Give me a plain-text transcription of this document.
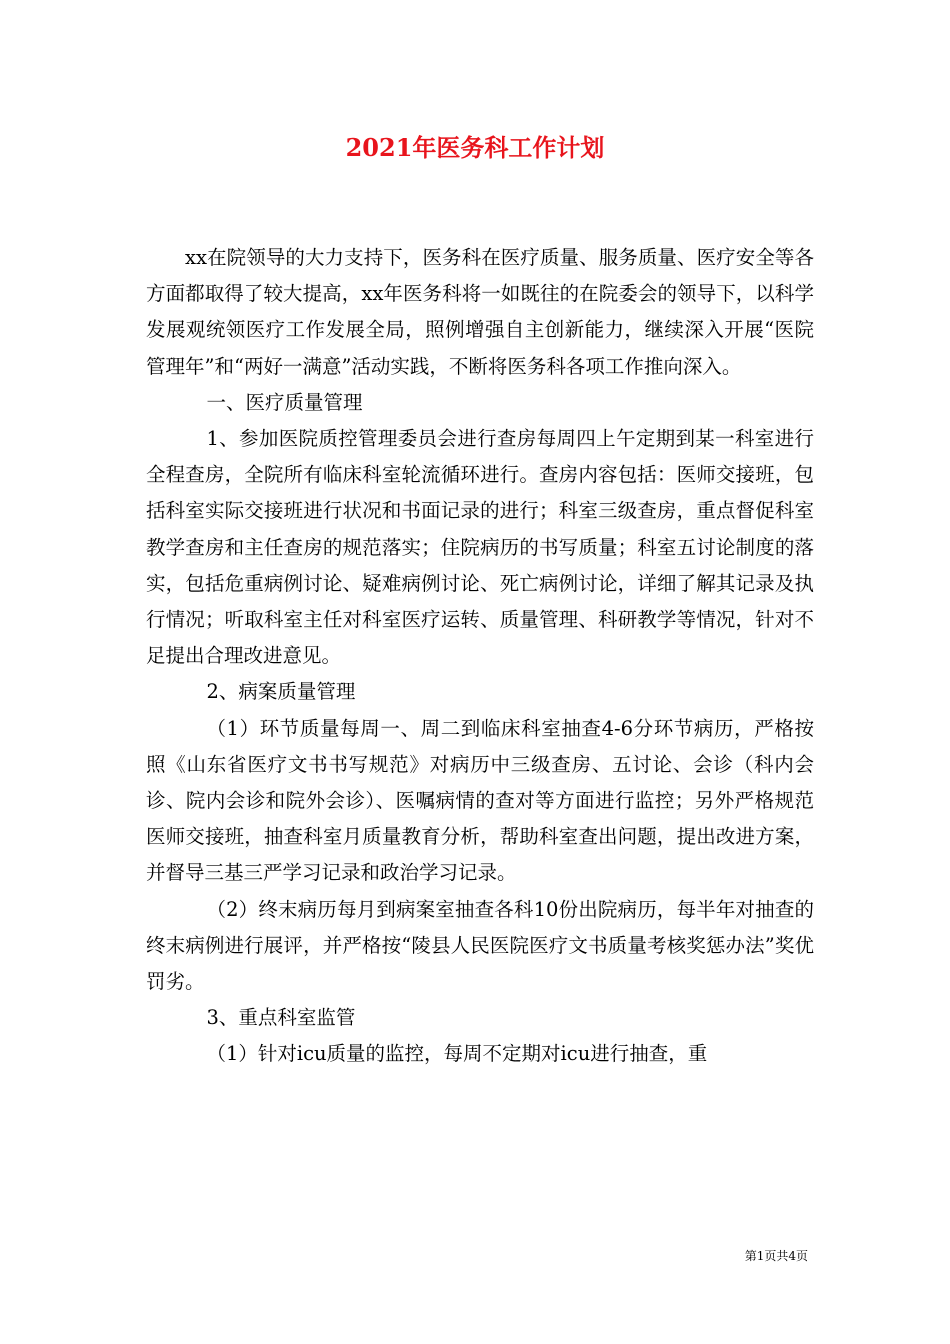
2021年医务科工作计划

xx在院领导的大力支持下，医务科在医疗质量、服务质量、医疗安全等各方面都取得了较大提高，xx年医务科将一如既往的在院委会的领导下，以科学发展观统领医疗工作发展全局，照例增强自主创新能力，继续深入开展“医院管理年”和“两好一满意”活动实践，不断将医务科各项工作推向深入。

一、医疗质量管理

1、参加医院质控管理委员会进行查房每周四上午定期到某一科室进行全程查房，全院所有临床科室轮流循环进行。查房内容包括：医师交接班，包括科室实际交接班进行状况和书面记录的进行；科室三级查房，重点督促科室教学查房和主任查房的规范落实；住院病历的书写质量；科室五讨论制度的落实，包括危重病例讨论、疑难病例讨论、死亡病例讨论，详细了解其记录及执行情况；听取科室主任对科室医疗运转、质量管理、科研教学等情况，针对不足提出合理改进意见。

2、病案质量管理

（1）环节质量每周一、周二到临床科室抽查4-6分环节病历，严格按照《山东省医疗文书书写规范》对病历中三级查房、五讨论、会诊（科内会诊、院内会诊和院外会诊）、医嘱病情的查对等方面进行监控；另外严格规范医师交接班，抽查科室月质量教育分析，帮助科室查出问题，提出改进方案，并督导三基三严学习记录和政治学习记录。

（2）终末病历每月到病案室抽查各科10份出院病历，每半年对抽查的终末病例进行展评，并严格按“陵县人民医院医疗文书质量考核奖惩办法”奖优罚劣。

3、重点科室监管

（1）针对icu质量的监控，每周不定期对icu进行抽查，重

第1页共4页
